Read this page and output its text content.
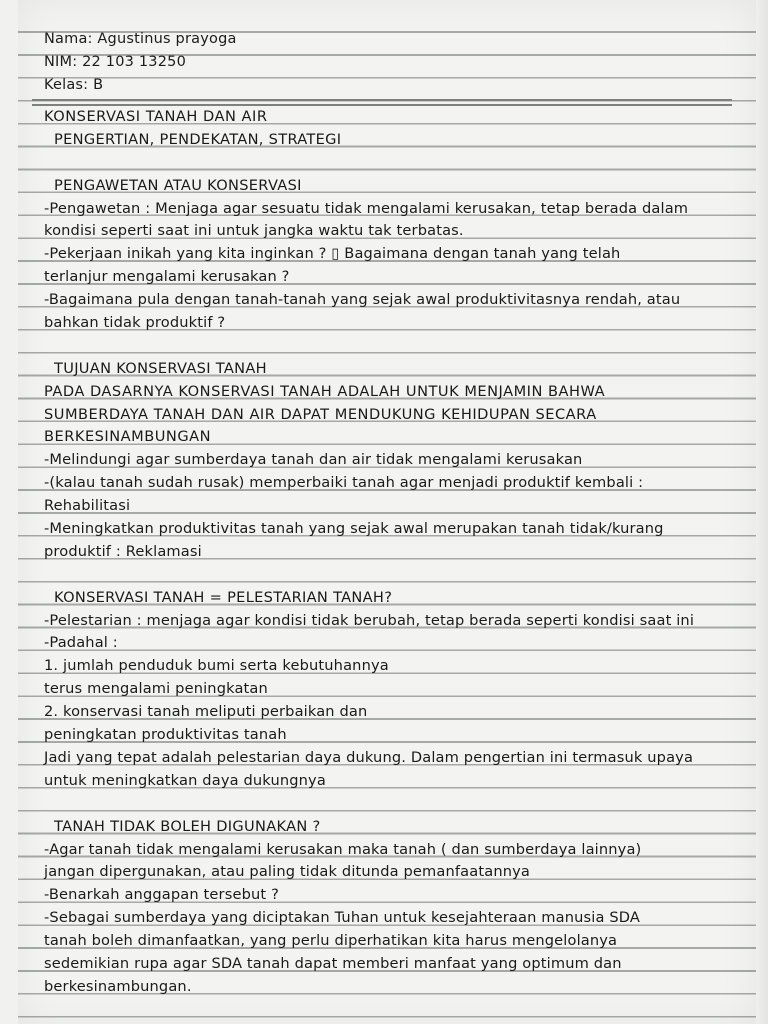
Nama: Agustinus prayoga
NIM: 22 103 13250
Kelas: B
KONSERVASI TANAH DAN AIR
PENGERTIAN, PENDEKATAN, STRATEGI
PENGAWETAN ATAU KONSERVASI
-Pengawetan : Menjaga agar sesuatu tidak mengalami kerusakan, tetap berada dalam
kondisi seperti saat ini untuk jangka waktu tak terbatas.
-Pekerjaan inikah yang kita inginkan ? ▯ Bagaimana dengan tanah yang telah
terlanjur mengalami kerusakan ?
-Bagaimana pula dengan tanah-tanah yang sejak awal produktivitasnya rendah, atau
bahkan tidak produktif ?
TUJUAN KONSERVASI TANAH
PADA DASARNYA KONSERVASI TANAH ADALAH UNTUK MENJAMIN BAHWA
SUMBERDAYA TANAH DAN AIR DAPAT MENDUKUNG KEHIDUPAN SECARA
BERKESINAMBUNGAN
-Melindungi agar sumberdaya tanah dan air tidak mengalami kerusakan
-(kalau tanah sudah rusak) memperbaiki tanah agar menjadi produktif kembali :
Rehabilitasi
-Meningkatkan produktivitas tanah yang sejak awal merupakan tanah tidak/kurang
produktif : Reklamasi
KONSERVASI TANAH = PELESTARIAN TANAH?
-Pelestarian : menjaga agar kondisi tidak berubah, tetap berada seperti kondisi saat ini
-Padahal :
1. jumlah penduduk bumi serta kebutuhannya
terus mengalami peningkatan
2. konservasi tanah meliputi perbaikan dan
peningkatan produktivitas tanah
Jadi yang tepat adalah pelestarian daya dukung. Dalam pengertian ini termasuk upaya
untuk meningkatkan daya dukungnya
TANAH TIDAK BOLEH DIGUNAKAN ?
-Agar tanah tidak mengalami kerusakan maka tanah ( dan sumberdaya lainnya)
jangan dipergunakan, atau paling tidak ditunda pemanfaatannya
-Benarkah anggapan tersebut ?
-Sebagai sumberdaya yang diciptakan Tuhan untuk kesejahteraan manusia SDA
tanah boleh dimanfaatkan, yang perlu diperhatikan kita harus mengelolanya
sedemikian rupa agar SDA tanah dapat memberi manfaat yang optimum dan
berkesinambungan.
